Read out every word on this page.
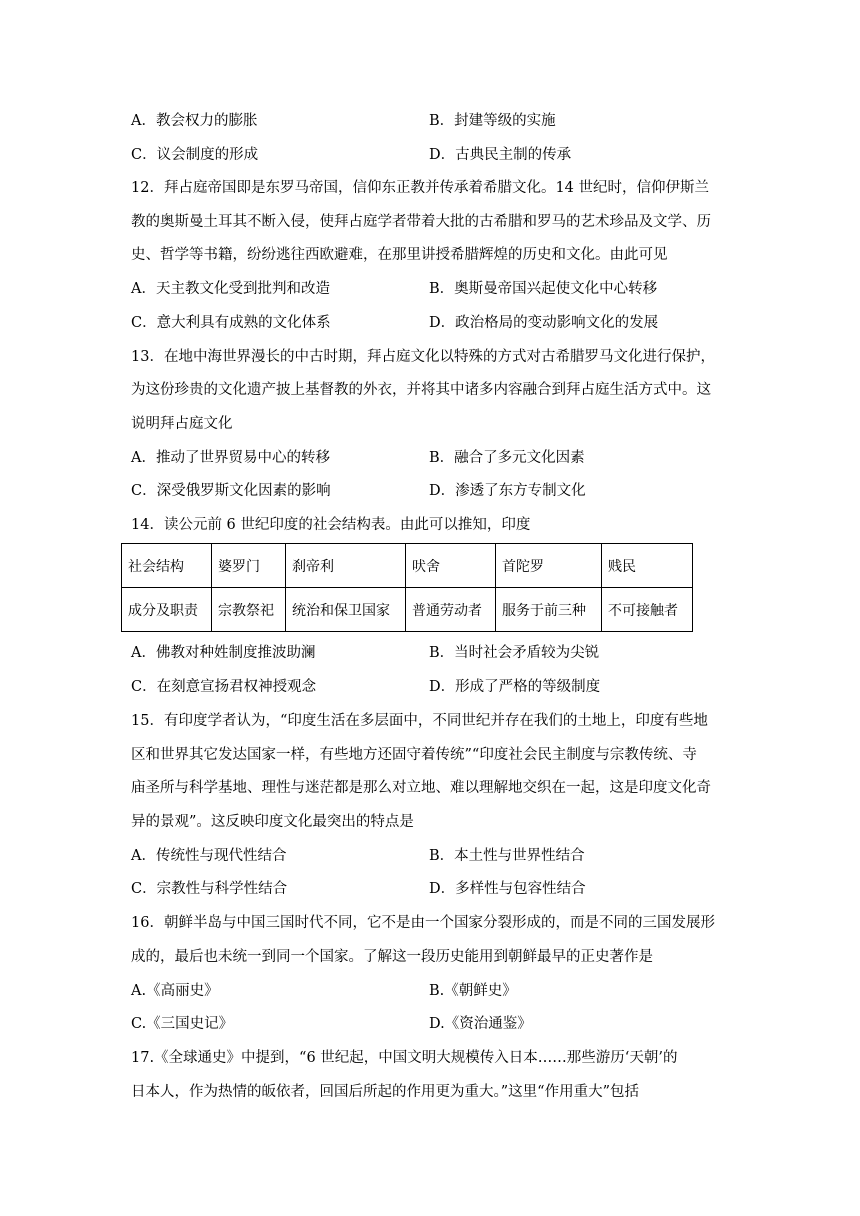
A．教会权力的膨胀	B．封建等级的实施
C．议会制度的形成	D．古典民主制的传承
12．拜占庭帝国即是东罗马帝国，信仰东正教并传承着希腊文化。14 世纪时，信仰伊斯兰
教的奥斯曼土耳其不断入侵，使拜占庭学者带着大批的古希腊和罗马的艺术珍品及文学、历
史、哲学等书籍，纷纷逃往西欧避难，在那里讲授希腊辉煌的历史和文化。由此可见
A．天主教文化受到批判和改造	B．奥斯曼帝国兴起使文化中心转移
C．意大利具有成熟的文化体系	D．政治格局的变动影响文化的发展
13．在地中海世界漫长的中古时期，拜占庭文化以特殊的方式对古希腊罗马文化进行保护，
为这份珍贵的文化遗产披上基督教的外衣，并将其中诸多内容融合到拜占庭生活方式中。这
说明拜占庭文化
A．推动了世界贸易中心的转移	B．融合了多元文化因素
C．深受俄罗斯文化因素的影响	D．渗透了东方专制文化
14．读公元前 6 世纪印度的社会结构表。由此可以推知，印度
社会结构	婆罗门	刹帝利	吠舍	首陀罗	贱民
成分及职责	宗教祭祀	统治和保卫国家	普通劳动者	服务于前三种	不可接触者
A．佛教对种姓制度推波助澜	B．当时社会矛盾较为尖锐
C．在刻意宣扬君权神授观念	D．形成了严格的等级制度
15．有印度学者认为，“印度生活在多层面中，不同世纪并存在我们的土地上，印度有些地
区和世界其它发达国家一样，有些地方还固守着传统”“印度社会民主制度与宗教传统、寺
庙圣所与科学基地、理性与迷茫都是那么对立地、难以理解地交织在一起，这是印度文化奇
异的景观”。这反映印度文化最突出的特点是
A．传统性与现代性结合	B．本土性与世界性结合
C．宗教性与科学性结合	D．多样性与包容性结合
16．朝鲜半岛与中国三国时代不同，它不是由一个国家分裂形成的，而是不同的三国发展形
成的，最后也未统一到同一个国家。了解这一段历史能用到朝鲜最早的正史著作是
A.《高丽史》	B.《朝鲜史》
C.《三国史记》	D.《资治通鉴》
17.《全球通史》中提到，“6 世纪起，中国文明大规模传入日本……那些游历‘天朝’的
日本人，作为热情的皈依者，回国后所起的作用更为重大。”这里“作用重大”包括
